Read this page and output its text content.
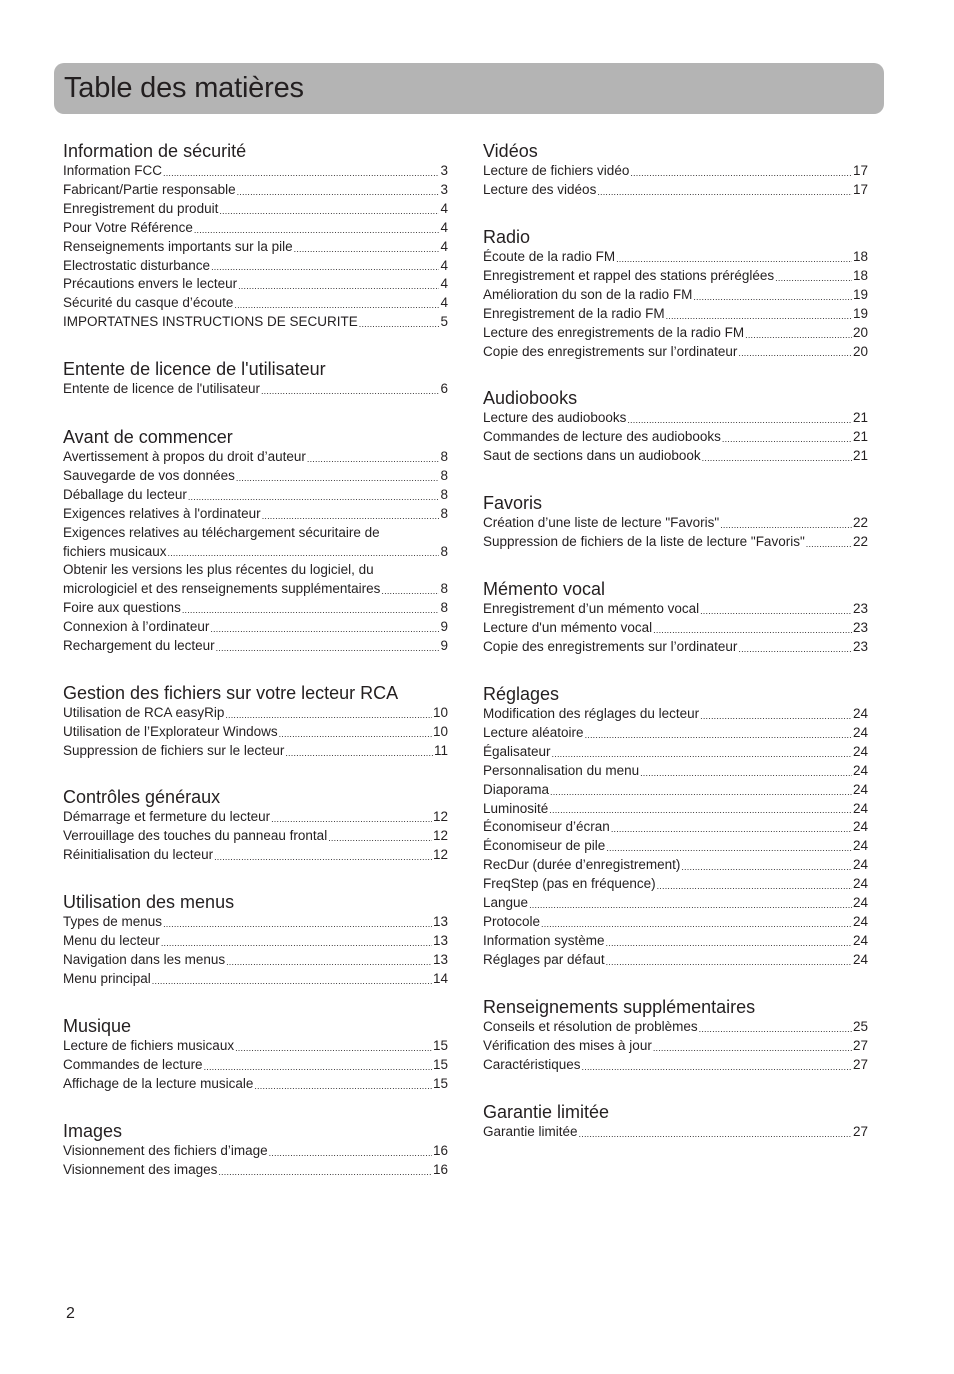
Table des matières
Information de sécurité
Information FCC .....	3
Fabricant/Partie responsable .....	3
Enregistrement du produit .....	4
Pour Votre Référence .....	4
Renseignements importants sur la pile .....	4
Electrostatic disturbance .....	4
Précautions envers le lecteur .....	4
Sécurité du casque d’écoute .....	4
IMPORTATNES INSTRUCTIONS DE SECURITE .....	5
Entente de licence de l'utilisateur
Entente de licence de l'utilisateur .....	6
Avant de commencer
Avertissement à propos du droit d’auteur .....	8
Sauvegarde de vos données .....	8
Déballage du lecteur .....	8
Exigences relatives à l'ordinateur .....	8
Exigences relatives au téléchargement sécuritaire de
fichiers musicaux .....	8
Obtenir les versions les plus récentes du logiciel, du
micrologiciel et des renseignements supplémentaires .....	8
Foire aux questions .....	8
Connexion à l’ordinateur .....	9
Rechargement du lecteur .....	9
Gestion des fichiers sur votre lecteur RCA
Utilisation de RCA easyRip .....	10
Utilisation de l’Explorateur Windows .....	10
Suppression de fichiers sur le lecteur .....	11
Contrôles généraux
Démarrage et fermeture du lecteur .....	12
Verrouillage des touches du panneau frontal .....	12
Réinitialisation du lecteur .....	12
Utilisation des menus
Types de menus .....	13
Menu du lecteur .....	13
Navigation dans les menus .....	13
Menu principal .....	14
Musique
Lecture de fichiers musicaux .....	15
Commandes de lecture .....	15
Affichage de la lecture musicale .....	15
Images
Visionnement des fichiers d’image .....	16
Visionnement des images .....	16
Vidéos
Lecture de fichiers vidéo .....	17
Lecture des vidéos .....	17
Radio
Écoute de la radio FM .....	18
Enregistrement et rappel des stations préréglées .....	18
Amélioration du son de la radio FM .....	19
Enregistrement de la radio FM .....	19
Lecture des enregistrements de la radio FM .....	20
Copie des enregistrements sur l’ordinateur .....	20
Audiobooks
Lecture des audiobooks .....	21
Commandes de lecture des audiobooks .....	21
Saut de sections dans un audiobook .....	21
Favoris
Création d’une liste de lecture "Favoris" .....	22
Suppression de fichiers de la liste de lecture "Favoris" .....	22
Mémento vocal
Enregistrement d’un mémento vocal .....	23
Lecture d'un mémento vocal .....	23
Copie des enregistrements sur l’ordinateur .....	23
Réglages
Modification des réglages du lecteur .....	24
Lecture aléatoire .....	24
Égalisateur .....	24
Personnalisation du menu .....	24
Diaporama .....	24
Luminosité .....	24
Économiseur d’écran .....	24
Économiseur de pile .....	24
RecDur (durée d’enregistrement) .....	24
FreqStep (pas en fréquence) .....	24
Langue .....	24
Protocole .....	24
Information système .....	24
Réglages par défaut .....	24
Renseignements supplémentaires
Conseils et résolution de problèmes .....	25
Vérification des mises à jour .....	27
Caractéristiques .....	27
Garantie limitée
Garantie limitée .....	27
2
